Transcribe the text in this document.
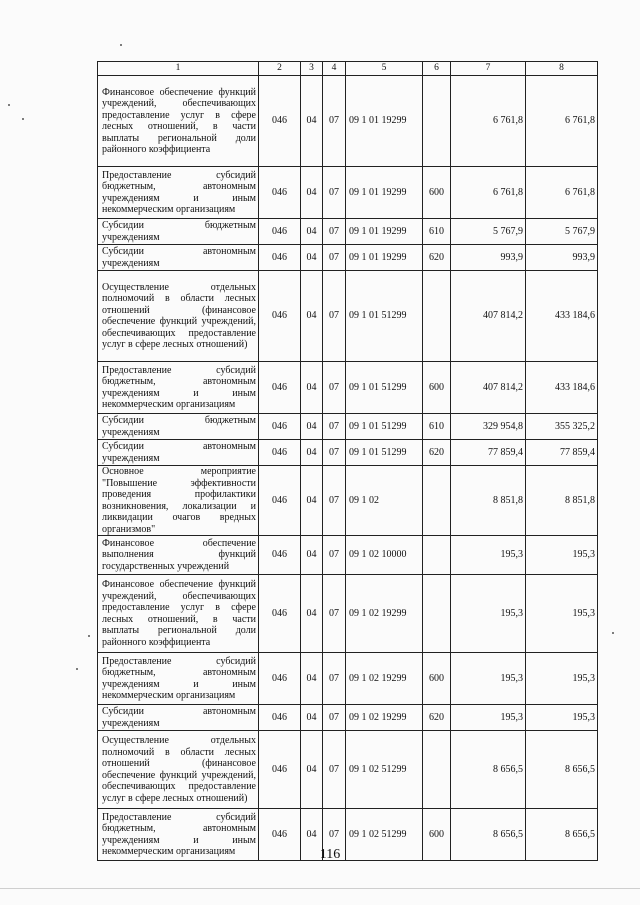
1	2	3	4	5	6	7	8
Финансовое обеспечение функций учреждений, обеспечивающих предоставление услуг в сфере лесных отношений, в части выплаты региональной доли районного коэффициента	046	04	07	09 1 01 19299		6 761,8	6 761,8
Предоставление субсидий бюджетным, автономным учреждениям и иным некоммерческим организациям	046	04	07	09 1 01 19299	600	6 761,8	6 761,8
Субсидии бюджетным учреждениям	046	04	07	09 1 01 19299	610	5 767,9	5 767,9
Субсидии автономным учреждениям	046	04	07	09 1 01 19299	620	993,9	993,9
Осуществление отдельных полномочий в области лесных отношений (финансовое обеспечение функций учреждений, обеспечивающих предоставление услуг в сфере лесных отношений)	046	04	07	09 1 01 51299		407 814,2	433 184,6
Предоставление субсидий бюджетным, автономным учреждениям и иным некоммерческим организациям	046	04	07	09 1 01 51299	600	407 814,2	433 184,6
Субсидии бюджетным учреждениям	046	04	07	09 1 01 51299	610	329 954,8	355 325,2
Субсидии автономным учреждениям	046	04	07	09 1 01 51299	620	77 859,4	77 859,4
Основное мероприятие "Повышение эффективности проведения профилактики возникновения, локализации и ликвидации очагов вредных организмов"	046	04	07	09 1 02		8 851,8	8 851,8
Финансовое обеспечение выполнения функций государственных учреждений	046	04	07	09 1 02 10000		195,3	195,3
Финансовое обеспечение функций учреждений, обеспечивающих предоставление услуг в сфере лесных отношений, в части выплаты региональной доли районного коэффициента	046	04	07	09 1 02 19299		195,3	195,3
Предоставление субсидий бюджетным, автономным учреждениям и иным некоммерческим организациям	046	04	07	09 1 02 19299	600	195,3	195,3
Субсидии автономным учреждениям	046	04	07	09 1 02 19299	620	195,3	195,3
Осуществление отдельных полномочий в области лесных отношений (финансовое обеспечение функций учреждений, обеспечивающих предоставление услуг в сфере лесных отношений)	046	04	07	09 1 02 51299		8 656,5	8 656,5
Предоставление субсидий бюджетным, автономным учреждениям и иным некоммерческим организациям	046	04	07	09 1 02 51299	600	8 656,5	8 656,5
116
